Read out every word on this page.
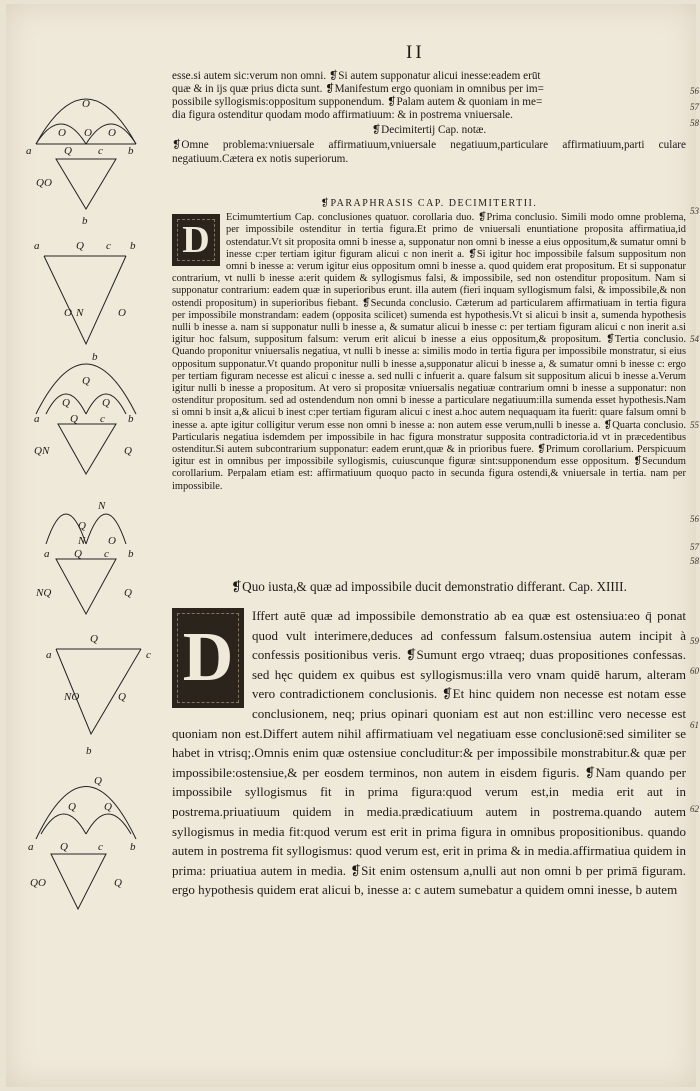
II
O
O O O
a	Q c b
QO
b
a	Q c b
O N	O
b
Q
Q	Q
a	Q c b
QN	Q
N
Q
N O
a Q c b
NQ	Q
Q
a	c
NO	Q
b
Q
Q	Q
a Q	c b
QO	Q

esse.si autem sic:verum non omni. ❡Si autem supponatur alicui inesse:eadem erūt

quæ & in ijs quæ prius dicta sunt. ❡Manifestum ergo quoniam in omnibus per im=

possibile syllogismis:oppositum supponendum. ❡Palam autem & quoniam in me=

dia figura ostenditur quodam modo affirmatiuum: & in postrema vniuersale.

❡Decimitertij Cap. notæ.

❡Omne problema:vniuersale affirmatiuum,vniuersale negatiuum,particulare affirmatiuum,parti culare negatiuum.Cætera ex notis superiorum.

❡PARAPHRASIS CAP. DECIMITERTII.

D

Ecimumtertium Cap. conclusiones quatuor. corollaria duo. ❡Prima conclusio. Simili modo omne problema, per impossibile ostenditur in tertia figura.Et primo de vniuersali enuntiatione proposita affirmatiua,id ostendatur.Vt sit proposita omni b inesse a, supponatur non omni b inesse a eius oppositum,& sumatur omni b inesse c:per tertiam igitur figuram alicui c non inerit a. ❡Si igitur hoc impossibile falsum suppositum non omni b inesse a: verum igitur eius oppositum omni b inesse a. quod quidem erat propositum. Et si supponatur contrarium, vt nulli b inesse a:erit quidem & syllogismus falsi, & impossibile, sed non ostenditur propositum. Nam si supponatur contrarium: eadem quæ in superioribus erunt. illa autem (fieri inquam syllogismum falsi, & impossibile,& non ostendi propositum) in superioribus fiebant. ❡Secunda conclusio. Cæterum ad particularem affirmatiuam in tertia figura per impossibile monstrandam: eadem (opposita scilicet) sumenda est hypothesis.Vt si alicui b insit a, sumenda hypothesis nulli b inesse a. nam si supponatur nulli b inesse a, & sumatur alicui b inesse c: per tertiam figuram alicui c non inerit a.si igitur hoc falsum, suppositum falsum: verum erit alicui b inesse a eius oppositum,& propositum. ❡Tertia conclusio. Quando proponitur vniuersalis negatiua, vt nulli b inesse a: similis modo in tertia figura per impossibile monstratur, si eius oppositum supponatur.Vt quando proponitur nulli b inesse a,supponatur alicui b inesse a, & sumatur omni b inesse c: ergo per tertiam figuram necesse est alicui c inesse a. sed nulli c infuerit a. quare falsum sit suppositum alicui b inesse a.Verum igitur nulli b inesse a propositum. At vero si propositæ vniuersalis negatiuæ contrarium omni b inesse a supponatur: non ostenditur propositum. sed ad ostendendum non omni b inesse a particulare negatiuum:illa sumenda esset hypothesis.Nam si omni b insit a,& alicui b inest c:per tertiam figuram alicui c inest a.hoc autem nequaquam ita fuerit: quare falsum omni b inesse a. apte igitur colligitur verum esse non omni b inesse a: non autem esse verum,nulli b inesse a. ❡Quarta conclusio. Particularis negatiua isdemdem per impossibile in hac figura monstratur supposita contradictoria.id vt in præcedentibus ostenditur.Si autem subcontrarium supponatur: eadem erunt,quæ & in prioribus fuere. ❡Primum corollarium. Perspicuum igitur est in omnibus per impossibile syllogismis, cuiuscunque figuræ sint:supponendum esse oppositum. ❡Secundum corollarium. Perpalam etiam est: affirmatiuum quoquo pacto in secunda figura ostendi,& vniuersale in tertia. nam per impossibile.

❡Quo iusta,& quæ ad impossibile ducit demonstratio differant. Cap. XIIII.
D

Iffert autē quæ ad impossibile demonstratio ab ea quæ est ostensiua:eo q̄ ponat quod vult interimere,deduces ad confessum falsum.ostensiua autem incipit à confessis positionibus veris. ❡Sumunt ergo vtraeq; duas propositiones confessas. sed hęc quidem ex quibus est syllogismus:illa vero vnam quidē harum, alteram vero contradictionem conclusionis. ❡Et hinc quidem non necesse est notam esse conclusionem, neq; prius opinari quoniam est aut non est:illinc vero necesse est quoniam non est.Differt autem nihil affirmatiuam vel negatiuam esse conclusionē:sed similiter se habet in vtrisq;.Omnis enim quæ ostensiue concluditur:& per impossibile monstrabitur.& quæ per impossibile:ostensiue,& per eosdem terminos, non autem in eisdem figuris. ❡Nam quando per impossibile syllogismus fit in prima figura:quod verum est,in media erit aut in postrema.priuatiuum quidem in media.prædicatiuum autem in postrema.quando autem syllogismus in media fit:quod verum est erit in prima figura in omnibus propositionibus. quando autem in postrema fit syllogismus: quod verum est, erit in prima & in media.affirmatiua quidem in prima: priuatiua autem in media. ❡Sit enim ostensum a,nulli aut non omni b per primā figuram. ergo hypothesis quidem erat alicui b, inesse a: c autem sumebatur a quidem omni inesse, b autem

56
57
58
53
54
55
56
57
58
59
60
61
62
